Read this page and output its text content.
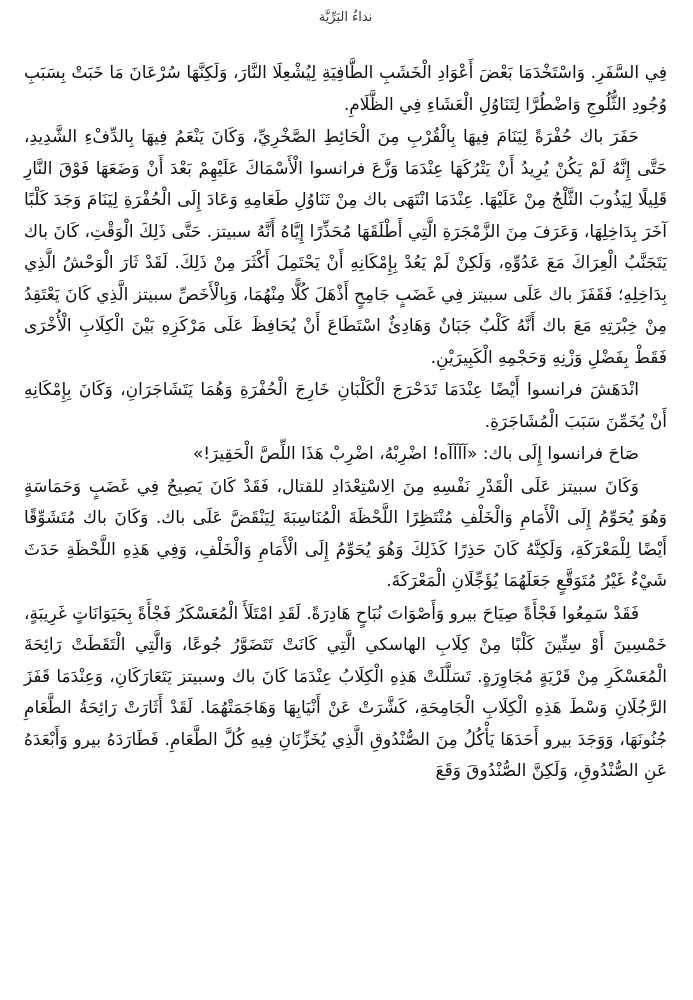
نداءُ البَرِّيَّة

فِي السَّفَرِ. وَاسْتَخْدَمَا بَعْضَ أَعْوَادِ الْخَشَبِ الطَّافِيَةِ لِيُشْعِلَا النَّارَ، وَلَكِنَّهَا سُرْعَانَ مَا خَبَتْ بِسَبَبِ وُجُودِ الثُّلُوجِ وَاضْطُرَّا لِتَنَاوُلِ الْعَشَاءِ فِي الظَّلَامِ.

حَفَرَ باك حُفْرَةً لِيَنَامَ فِيهَا بِالْقُرْبِ مِنَ الْحَائِطِ الصَّخْرِيِّ، وَكَانَ يَنْعَمُ فِيهَا بِالدِّفْءِ الشَّدِيدِ، حَتَّى إِنَّهُ لَمْ يَكُنْ يُرِيدُ أَنْ يَتْرُكَهَا عِنْدَمَا وَزَّعَ فرانسوا الْأَسْمَاكَ عَلَيْهِمْ بَعْدَ أَنْ وَضَعَهَا فَوْقَ النَّارِ قَلِيلًا لِيَذُوبَ الثَّلْجُ مِنْ عَلَيْهَا. عِنْدَمَا انْتَهَى باك مِنْ تَنَاوُلِ طَعَامِهِ وَعَادَ إِلَى الْحُفْرَةِ لِيَنَامَ وَجَدَ كَلْبًا آخَرَ بِدَاخِلِهَا، وَعَرَفَ مِنَ الزَّمْجَرَةِ الَّتِي أَطْلَقَهَا مُحَذِّرًا إِيَّاهُ أَنَّهُ سبيتز. حَتَّى ذَلِكَ الْوَقْتِ، كَانَ باك يَتَجَنَّبُ الْعِرَاكَ مَعَ عَدُوِّهِ، وَلَكِنْ لَمْ يَعُدْ بِإِمْكَانِهِ أَنْ يَحْتَمِلَ أَكْثَرَ مِنْ ذَلِكَ. لَقَدْ ثَارَ الْوَحْشُ الَّذِي بِدَاخِلِهِ؛ فَقَفَزَ باك عَلَى سبيتز فِي غَضَبٍ جَامِحٍ أَذْهَلَ كُلًّا مِنْهُمَا، وَبِالْأَخَصِّ سبيتز الَّذِي كَانَ يَعْتَقِدُ مِنْ خِبْرَتِهِ مَعَ باك أَنَّهُ كَلْبٌ جَبَانٌ وَهَادِئٌ اسْتَطَاعَ أَنْ يُحَافِظَ عَلَى مَرْكَزِهِ بَيْنَ الْكِلَابِ الْأُخْرَى فَقَطْ بِفَضْلِ وَزْنِهِ وَحَجْمِهِ الْكَبِيرَيْنِ.

انْدَهَشَ فرانسوا أَيْضًا عِنْدَمَا تَدَحْرَجَ الْكَلْبَانِ خَارِجَ الْحُفْرَةِ وَهُمَا يَتَشَاجَرَانِ، وَكَانَ بِإِمْكَانِهِ أَنْ يُخَمِّنَ سَبَبَ الْمُشَاجَرَةِ.

صَاحَ فرانسوا إِلَى باك: «آآآآه! اضْرِبْهُ، اضْرِبْ هَذَا اللِّصَّ الْحَقِيرَ!»

وَكَانَ سبيتز عَلَى الْقَدْرِ نَفْسِهِ مِنَ الِاسْتِعْدَادِ للقتال، فَقَدْ كَانَ يَصِيحُ فِي غَضَبٍ وَحَمَاسَةٍ وَهُوَ يُحَوِّمُ إِلَى الْأَمَامِ وَالْخَلْفِ مُنْتَظِرًا اللَّحْظَةَ الْمُنَاسِبَةَ لِيَنْقَضَّ عَلَى باك. وَكَانَ باك مُتَشَوِّقًا أَيْضًا لِلْمَعْرَكَةِ، وَلَكِنَّهُ كَانَ حَذِرًا كَذَلِكَ وَهُوَ يُحَوِّمُ إِلَى الْأَمَامِ وَالْخَلْفِ، وَفِي هَذِهِ اللَّحْظَةِ حَدَثَ شَيْءٌ غَيْرُ مُتَوَقَّعٍ جَعَلَهُمَا يُؤَجِّلَانِ الْمَعْرَكَةَ.

فَقَدْ سَمِعُوا فَجْأَةً صِيَاحَ بيرو وَأَصْوَاتَ نُبَاحٍ هَادِرَةً. لَقَدِ امْتَلَأَ الْمُعَسْكَرُ فَجْأَةً بِحَيَوَانَاتٍ غَرِيبَةٍ، خَمْسِينَ أَوْ سِتِّينَ كَلْبًا مِنْ كِلَابِ الهاسكي الَّتِي كَانَتْ تَتَضَوَّرُ جُوعًا، وَالَّتِي الْتَقَطَتْ رَائِحَةَ الْمُعَسْكَرِ مِنْ قَرْيَةٍ مُجَاوِرَةٍ. تَسَلَّلَتْ هَذِهِ الْكِلَابُ عِنْدَمَا كَانَ باك وسبيتز يَتَعَارَكَانِ، وَعِنْدَمَا قَفَزَ الرَّجُلَانِ وَسْطَ هَذِهِ الْكِلَابِ الْجَامِحَةِ، كَشَّرَتْ عَنْ أَنْيَابِهَا وَهَاجَمَتْهُمَا. لَقَدْ أَثَارَتْ رَائِحَةُ الطَّعَامِ جُنُونَهَا، وَوَجَدَ بيرو أَحَدَهَا يَأْكُلُ مِنَ الصُّنْدُوقِ الَّذِي يُخَزِّنَانِ فِيهِ كُلَّ الطَّعَامِ. فَطَارَدَهُ بيرو وَأَبْعَدَهُ عَنِ الصُّنْدُوقِ، وَلَكِنَّ الصُّنْدُوقَ وَقَعَ
